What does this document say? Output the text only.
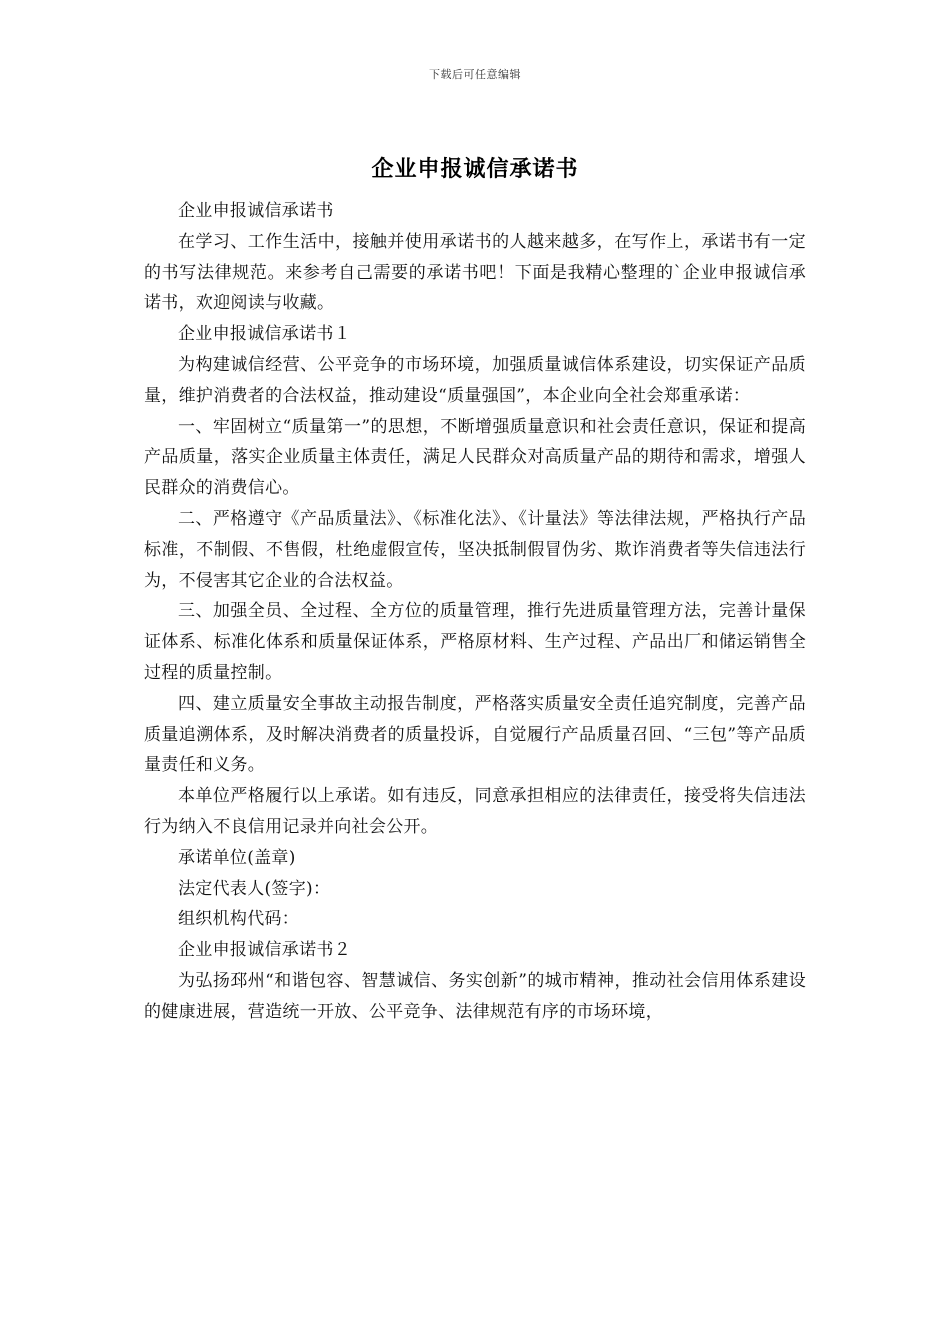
下载后可任意编辑
企业申报诚信承诺书

企业申报诚信承诺书

在学习、工作生活中，接触并使用承诺书的人越来越多，在写作上，承诺书有一定的书写法律规范。来参考自己需要的承诺书吧！下面是我精心整理的`企业申报诚信承诺书，欢迎阅读与收藏。

企业申报诚信承诺书１

为构建诚信经营、公平竞争的市场环境，加强质量诚信体系建设，切实保证产品质量，维护消费者的合法权益，推动建设“质量强国”，本企业向全社会郑重承诺：

一、牢固树立“质量第一”的思想，不断增强质量意识和社会责任意识，保证和提高产品质量，落实企业质量主体责任，满足人民群众对高质量产品的期待和需求，增强人民群众的消费信心。

二、严格遵守《产品质量法》、《标准化法》、《计量法》等法律法规，严格执行产品标准，不制假、不售假，杜绝虚假宣传，坚决抵制假冒伪劣、欺诈消费者等失信违法行为，不侵害其它企业的合法权益。

三、加强全员、全过程、全方位的质量管理，推行先进质量管理方法，完善计量保证体系、标准化体系和质量保证体系，严格原材料、生产过程、产品出厂和储运销售全过程的质量控制。

四、建立质量安全事故主动报告制度，严格落实质量安全责任追究制度，完善产品质量追溯体系，及时解决消费者的质量投诉，自觉履行产品质量召回、“三包”等产品质量责任和义务。

本单位严格履行以上承诺。如有违反，同意承担相应的法律责任，接受将失信违法行为纳入不良信用记录并向社会公开。

承诺单位(盖章)

法定代表人(签字)：

组织机构代码：

企业申报诚信承诺书２

为弘扬邳州“和谐包容、智慧诚信、务实创新”的城市精神，推动社会信用体系建设的健康进展，营造统一开放、公平竞争、法律规范有序的市场环境，
